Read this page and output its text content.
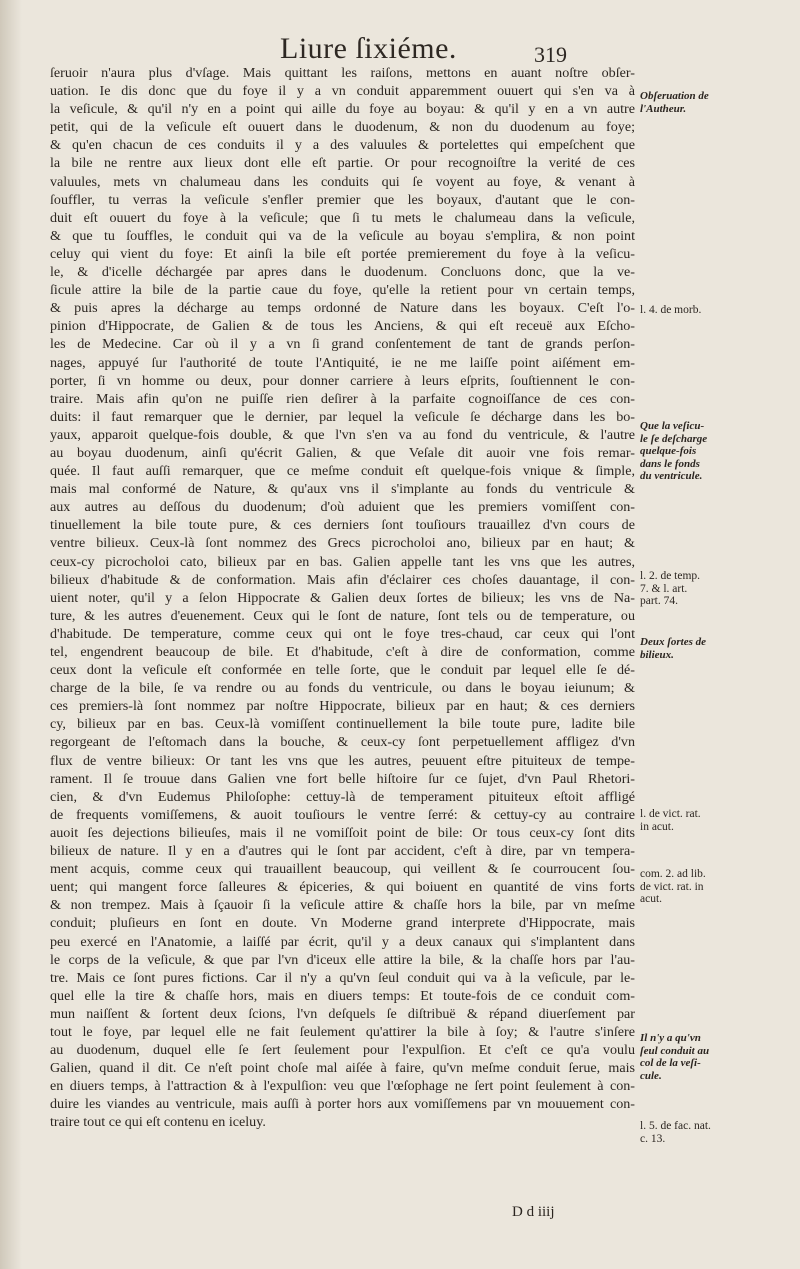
Liure ſixiéme.	319
ſeruoir n'aura plus d'vſage. Mais quittant les raiſons, mettons en auant noſtre obſer-
uation. Ie dis donc que du foye il y a vn conduit apparemment ouuert qui s'en va à
la veſicule, & qu'il n'y en a point qui aille du foye au boyau: & qu'il y en a vn autre
petit, qui de la veſicule eſt ouuert dans le duodenum, & non du duodenum au foye;
& qu'en chacun de ces conduits il y a des valuules & portelettes qui empeſchent que
la bile ne rentre aux lieux dont elle eſt partie. Or pour recognoiſtre la verité de ces
valuules, mets vn chalumeau dans les conduits qui ſe voyent au foye, & venant à
ſouffler, tu verras la veſicule s'enfler premier que les boyaux, d'autant que le con-
duit eſt ouuert du foye à la veſicule; que ſi tu mets le chalumeau dans la veſicule,
& que tu ſouffles, le conduit qui va de la veſicule au boyau s'emplira, & non point
celuy qui vient du foye: Et ainſi la bile eſt portée premierement du foye à la veſicu-
le, & d'icelle déchargée par apres dans le duodenum. Concluons donc, que la ve-
ſicule attire la bile de la partie caue du foye, qu'elle la retient pour vn certain temps,
& puis apres la décharge au temps ordonné de Nature dans les boyaux. C'eſt l'o-
pinion d'Hippocrate, de Galien & de tous les Anciens, & qui eſt receuë aux Eſcho-
les de Medecine. Car où il y a vn ſi grand conſentement de tant de grands perſon-
nages, appuyé ſur l'authorité de toute l'Antiquité, ie ne me laiſſe point aiſément em-
porter, ſi vn homme ou deux, pour donner carriere à leurs eſprits, ſouſtiennent le con-
traire. Mais afin qu'on ne puiſſe rien deſirer à la parfaite cognoiſſance de ces con-
duits: il faut remarquer que le dernier, par lequel la veſicule ſe décharge dans les bo-
yaux, apparoit quelque-fois double, & que l'vn s'en va au fond du ventricule, & l'autre
au boyau duodenum, ainſi qu'écrit Galien, & que Veſale dit auoir vne fois remar-
quée. Il faut auſſi remarquer, que ce meſme conduit eſt quelque-fois vnique & ſimple,
mais mal conformé de Nature, & qu'aux vns il s'implante au fonds du ventricule &
aux autres au deſſous du duodenum; d'où aduient que les premiers vomiſſent con-
tinuellement la bile toute pure, & ces derniers ſont touſiours trauaillez d'vn cours de
ventre bilieux. Ceux-là ſont nommez des Grecs picrocholoi ano, bilieux par en haut; &
ceux-cy picrocholoi cato, bilieux par en bas. Galien appelle tant les vns que les autres,
bilieux d'habitude & de conformation. Mais afin d'éclairer ces choſes dauantage, il con-
uient noter, qu'il y a ſelon Hippocrate & Galien deux ſortes de bilieux; les vns de Na-
ture, & les autres d'euenement. Ceux qui le ſont de nature, ſont tels ou de temperature, ou
d'habitude. De temperature, comme ceux qui ont le foye tres-chaud, car ceux qui l'ont
tel, engendrent beaucoup de bile. Et d'habitude, c'eſt à dire de conformation, comme
ceux dont la veſicule eſt conformée en telle ſorte, que le conduit par lequel elle ſe dé-
charge de la bile, ſe va rendre ou au fonds du ventricule, ou dans le boyau ieiunum; &
ces premiers-là ſont nommez par noſtre Hippocrate, bilieux par en haut; & ces derniers
cy, bilieux par en bas. Ceux-là vomiſſent continuellement la bile toute pure, ladite bile
regorgeant de l'eſtomach dans la bouche, & ceux-cy ſont perpetuellement affligez d'vn
flux de ventre bilieux: Or tant les vns que les autres, peuuent eſtre pituiteux de tempe-
rament. Il ſe trouue dans Galien vne fort belle hiſtoire ſur ce ſujet, d'vn Paul Rhetori-
cien, & d'vn Eudemus Philoſophe: cettuy-là de temperament pituiteux eſtoit affligé
de frequents vomiſſemens, & auoit touſiours le ventre ſerré: & cettuy-cy au contraire
auoit ſes dejections bilieuſes, mais il ne vomiſſoit point de bile: Or tous ceux-cy ſont dits
bilieux de nature. Il y en a d'autres qui le ſont par accident, c'eſt à dire, par vn tempera-
ment acquis, comme ceux qui trauaillent beaucoup, qui veillent & ſe courroucent ſou-
uent; qui mangent force ſalleures & épiceries, & qui boiuent en quantité de vins forts
& non trempez. Mais à ſçauoir ſi la veſicule attire & chaſſe hors la bile, par vn meſme
conduit; pluſieurs en ſont en doute. Vn Moderne grand interprete d'Hippocrate, mais
peu exercé en l'Anatomie, a laiſſé par écrit, qu'il y a deux canaux qui s'implantent dans
le corps de la veſicule, & que par l'vn d'iceux elle attire la bile, & la chaſſe hors par l'au-
tre. Mais ce ſont pures fictions. Car il n'y a qu'vn ſeul conduit qui va à la veſicule, par le-
quel elle la tire & chaſſe hors, mais en diuers temps: Et toute-fois de ce conduit com-
mun naiſſent & ſortent deux ſcions, l'vn deſquels ſe diſtribuë & répand diuerſement par
tout le foye, par lequel elle ne fait ſeulement qu'attirer la bile à ſoy; & l'autre s'inſere
au duodenum, duquel elle ſe ſert ſeulement pour l'expulſion. Et c'eſt ce qu'a voulu
Galien, quand il dit. Ce n'eſt point choſe mal aiſée à faire, qu'vn meſme conduit ſerue, mais
en diuers temps, à l'attraction & à l'expulſion: veu que l'œſophage ne ſert point ſeulement à con-
duire les viandes au ventricule, mais auſſi à porter hors aux vomiſſemens par vn mouuement con-
traire tout ce qui eſt contenu en iceluy.
Obſeruation de
l'Autheur.
l. 4. de morb.
Que la veſicu-
le ſe deſcharge
quelque-fois
dans le fonds
du ventricule.
l. 2. de temp.
7. & l. art.
part. 74.
Deux ſortes de
bilieux.
l. de vict. rat.
in acut.
com. 2. ad lib.
de vict. rat. in
acut.
Il n'y a qu'vn
ſeul conduit au
col de la veſi-
cule.
l. 5. de fac. nat.
c. 13.
D d iiij
